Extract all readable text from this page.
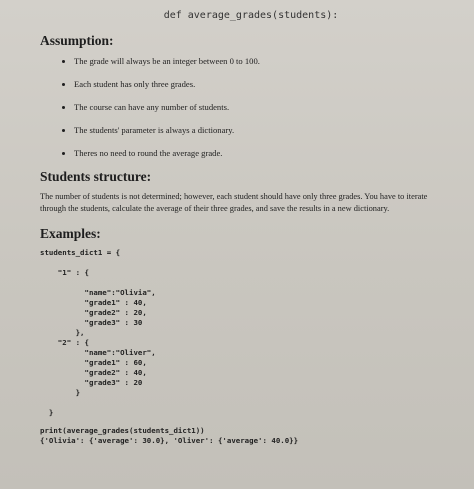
def average_grades(students):
Assumption:
• The grade will always be an integer between 0 to 100.
• Each student has only three grades.
• The course can have any number of students.
• The students' parameter is always a dictionary.
• Theres no need to round the average grade.
Students structure:

The number of students is not determined; however, each student should have only three grades. You have to iterate through the students, calculate the average of their three grades, and save the results in a new dictionary.

Examples:
students_dict1 = {

"1" : {

"name":"Olivia",
"grade1" : 40,
"grade2" : 20,
"grade3" : 30
},
"2" : {
"name":"Oliver",
"grade1" : 60,
"grade2" : 40,
"grade3" : 20
}

}
print(average_grades(students_dict1))
{'Olivia': {'average': 30.0}, 'Oliver': {'average': 40.0}}
